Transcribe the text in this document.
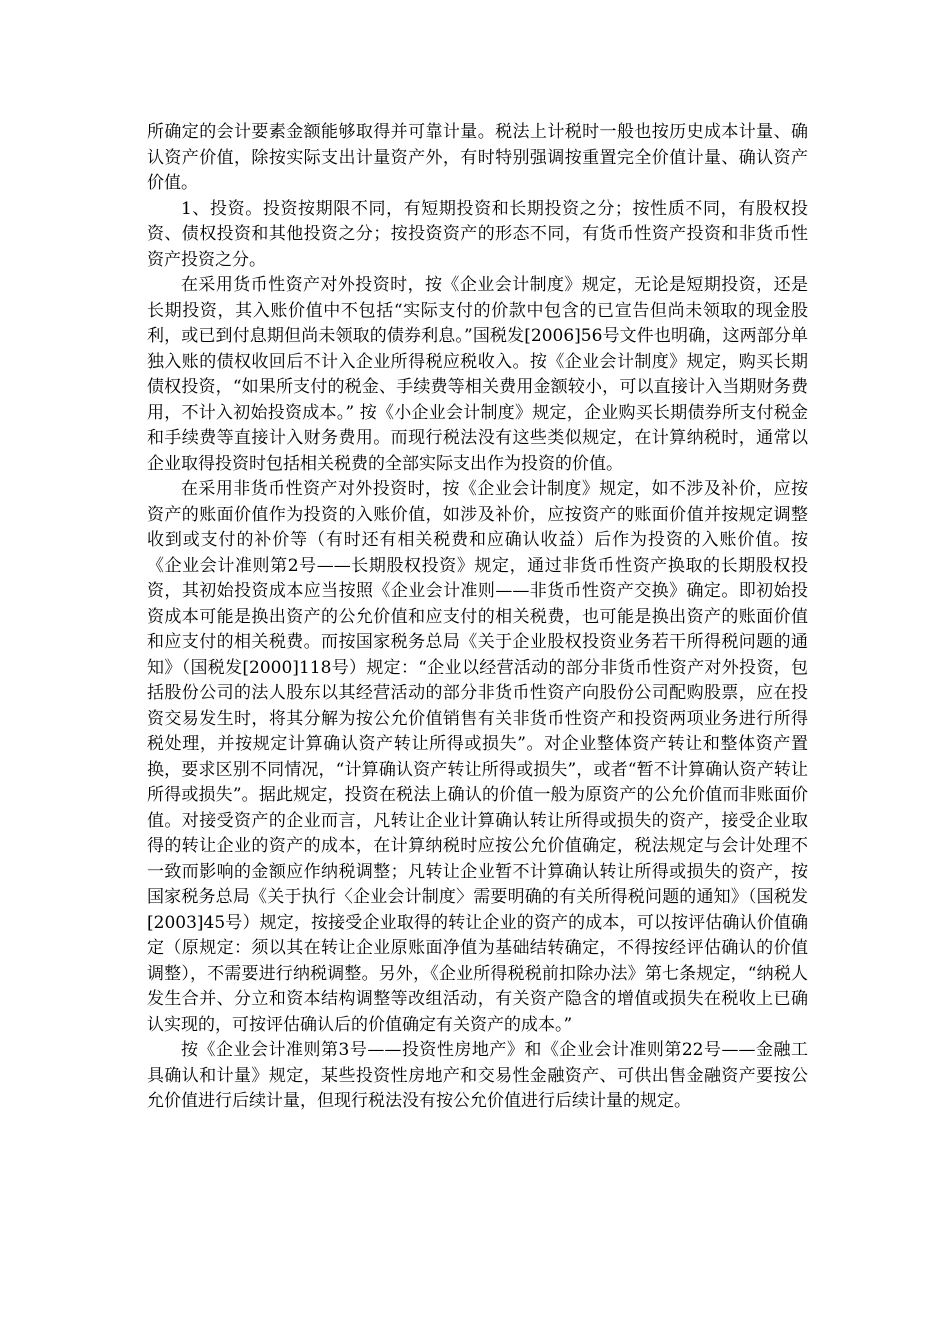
所确定的会计要素金额能够取得并可靠计量。税法上计税时一般也按历史成本计量、确认资产价值，除按实际支出计量资产外，有时特别强调按重置完全价值计量、确认资产价值。

1、投资。投资按期限不同，有短期投资和长期投资之分；按性质不同，有股权投资、债权投资和其他投资之分；按投资资产的形态不同，有货币性资产投资和非货币性资产投资之分。

在采用货币性资产对外投资时，按《企业会计制度》规定，无论是短期投资，还是长期投资，其入账价值中不包括“实际支付的价款中包含的已宣告但尚未领取的现金股利，或已到付息期但尚未领取的债券利息。”国税发[2006]56号文件也明确，这两部分单独入账的债权收回后不计入企业所得税应税收入。按《企业会计制度》规定，购买长期债权投资，“如果所支付的税金、手续费等相关费用金额较小，可以直接计入当期财务费用，不计入初始投资成本。” 按《小企业会计制度》规定，企业购买长期债券所支付税金和手续费等直接计入财务费用。而现行税法没有这些类似规定，在计算纳税时，通常以企业取得投资时包括相关税费的全部实际支出作为投资的价值。

在采用非货币性资产对外投资时，按《企业会计制度》规定，如不涉及补价，应按资产的账面价值作为投资的入账价值，如涉及补价，应按资产的账面价值并按规定调整收到或支付的补价等（有时还有相关税费和应确认收益）后作为投资的入账价值。按《企业会计准则第2号——长期股权投资》规定，通过非货币性资产换取的长期股权投资，其初始投资成本应当按照《企业会计准则——非货币性资产交换》确定。即初始投资成本可能是换出资产的公允价值和应支付的相关税费，也可能是换出资产的账面价值和应支付的相关税费。而按国家税务总局《关于企业股权投资业务若干所得税问题的通知》（国税发[2000]118号）规定：“企业以经营活动的部分非货币性资产对外投资，包括股份公司的法人股东以其经营活动的部分非货币性资产向股份公司配购股票，应在投资交易发生时，将其分解为按公允价值销售有关非货币性资产和投资两项业务进行所得税处理，并按规定计算确认资产转让所得或损失”。对企业整体资产转让和整体资产置换，要求区别不同情况，“计算确认资产转让所得或损失”，或者“暂不计算确认资产转让所得或损失”。据此规定，投资在税法上确认的价值一般为原资产的公允价值而非账面价值。对接受资产的企业而言，凡转让企业计算确认转让所得或损失的资产，接受企业取得的转让企业的资产的成本，在计算纳税时应按公允价值确定，税法规定与会计处理不一致而影响的金额应作纳税调整；凡转让企业暂不计算确认转让所得或损失的资产，按国家税务总局《关于执行〈企业会计制度〉需要明确的有关所得税问题的通知》（国税发[2003]45号）规定，按接受企业取得的转让企业的资产的成本，可以按评估确认价值确定（原规定：须以其在转让企业原账面净值为基础结转确定，不得按经评估确认的价值调整），不需要进行纳税调整。另外，《企业所得税税前扣除办法》第七条规定，“纳税人发生合并、分立和资本结构调整等改组活动，有关资产隐含的增值或损失在税收上已确认实现的，可按评估确认后的价值确定有关资产的成本。”

按《企业会计准则第3号——投资性房地产》和《企业会计准则第22号——金融工具确认和计量》规定，某些投资性房地产和交易性金融资产、可供出售金融资产要按公允价值进行后续计量，但现行税法没有按公允价值进行后续计量的规定。
